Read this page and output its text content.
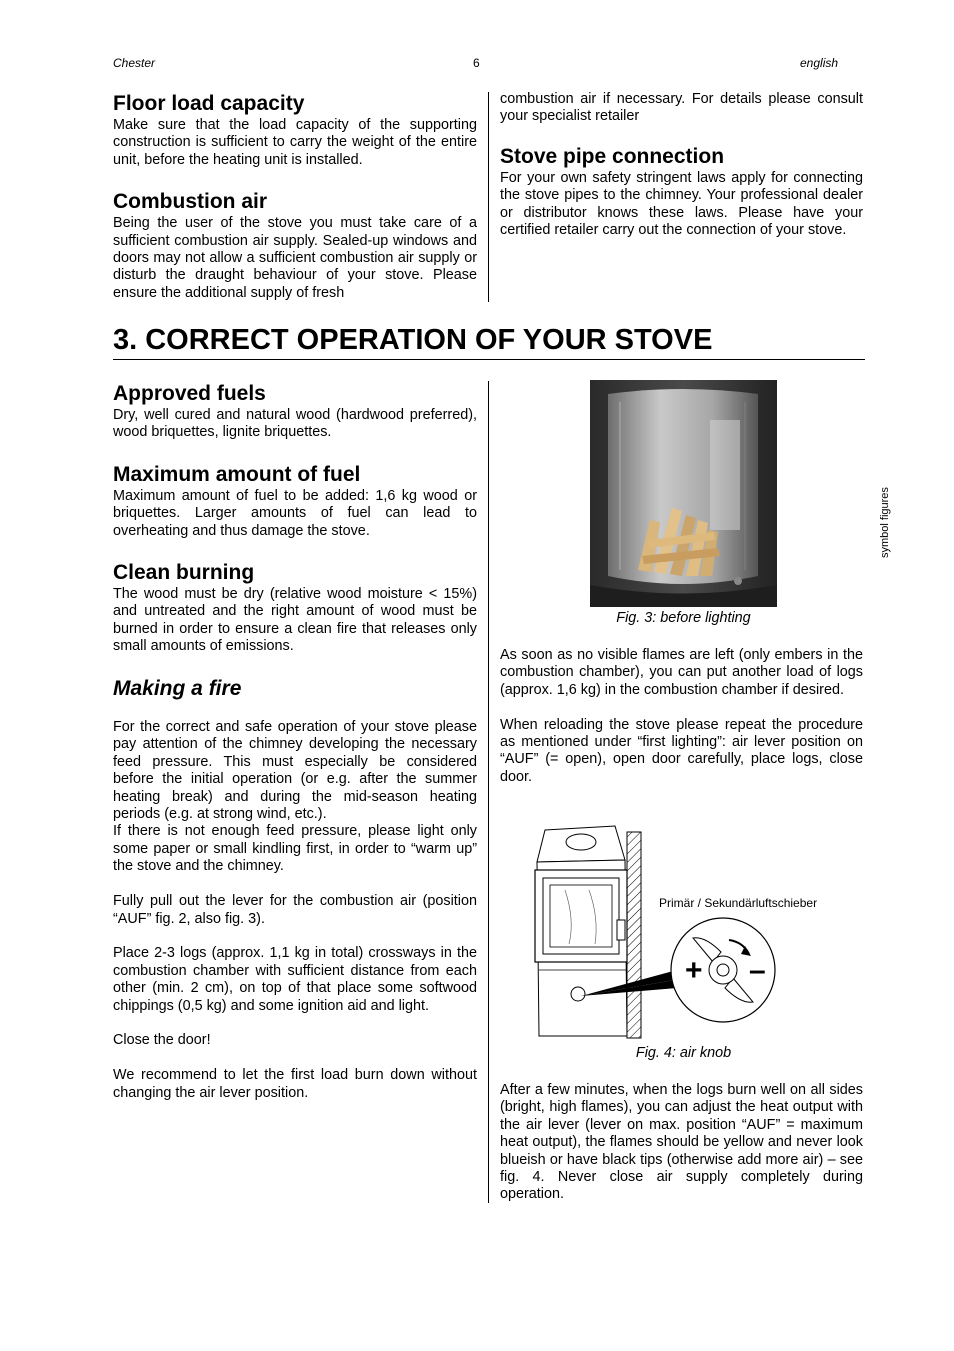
Chester	6	english
Floor load capacity

Make sure that the load capacity of the supporting construction is sufficient to carry the weight of the entire unit, before the heating unit is installed.

Combustion air

Being the user of the stove you must take care of a sufficient combustion air supply. Sealed-up windows and doors may not allow a sufficient combustion air supply or disturb the draught behaviour of your stove. Please ensure the additional supply of fresh

combustion air if necessary. For details please consult your specialist retailer

Stove pipe connection

For your own safety stringent laws apply for connecting the stove pipes to the chimney. Your professional dealer or distributor knows these laws. Please have your certified retailer carry out the connection of your stove.

3. CORRECT OPERATION OF YOUR STOVE
Approved fuels

Dry, well cured and natural wood (hardwood preferred), wood briquettes, lignite briquettes.

Maximum amount of fuel

Maximum amount of fuel to be added: 1,6 kg wood or briquettes. Larger amounts of fuel can lead to overheating and thus damage the stove.

Clean burning

The wood must be dry (relative wood moisture < 15%) and untreated and the right amount of wood must be burned in order to ensure a clean fire that releases only small amounts of emissions.

Making a fire

For the correct and safe operation of your stove please pay attention of the chimney developing the necessary feed pressure. This must especially be considered before the initial operation (or e.g. after the summer heating break) and during the mid-season heating periods (e.g. at strong wind, etc.).

If there is not enough feed pressure, please light only some paper or small kindling first, in order to “warm up” the stove and the chimney.

Fully pull out the lever for the combustion air (position “AUF” fig. 2, also fig. 3).

Place 2-3 logs (approx. 1,1 kg in total) crossways in the combustion chamber with sufficient distance from each other (min. 2 cm), on top of that place some softwood chippings (0,5 kg) and some ignition aid and light.

Close the door!

We recommend to let the first load burn down without changing the air lever position.

Fig. 3: before lighting

As soon as no visible flames are left (only embers in the combustion chamber), you can put another load of logs (approx. 1,6 kg) in the combustion chamber if desired.

When reloading the stove please repeat the procedure as mentioned under “first lighting”: air lever position on “AUF” (= open), open door carefully, place logs, close door.

+ –
Primär / Sekundärluftschieber
Fig. 4: air knob

After a few minutes, when the logs burn well on all sides (bright, high flames), you can adjust the heat output with the air lever (lever on max. position “AUF” = maximum heat output), the flames should be yellow and never look blueish or have black tips (otherwise add more air) – see fig. 4. Never close air supply completely during operation.

symbol figures
